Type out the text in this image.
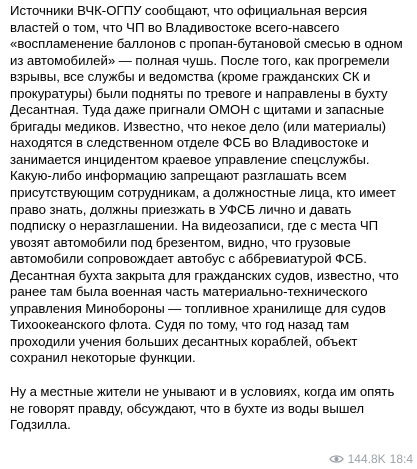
Источники ВЧК-ОГПУ сообщают, что официальная версия
властей о том, что ЧП во Владивостоке всего-навсего
«воспламенение баллонов с пропан-бутановой смесью в одном
из автомобилей» — полная чушь. После того, как прогремели
взрывы, все службы и ведомства (кроме гражданских СК и
прокуратуры) были подняты по тревоге и направлены в бухту
Десантная. Туда даже пригнали ОМОН с щитами и запасные
бригады медиков. Известно, что некое дело (или материалы)
находятся в следственном отделе ФСБ во Владивостоке и
занимается инцидентом краевое управление спецслужбы.
Какую-либо информацию запрещают разглашать всем
присутствующим сотрудникам, а должностные лица, кто имеет
право знать, должны приезжать в УФСБ лично и давать
подписку о неразглашении. На видеозаписи, где с места ЧП
увозят автомобили под брезентом, видно, что грузовые
автомобили сопровождает автобус с аббревиатурой ФСБ.
Десантная бухта закрыта для гражданских судов, известно, что
ранее там была военная часть материально-технического
управления Минобороны — топливное хранилище для судов
Тихоокеанского флота. Судя по тому, что год назад там
проходили учения больших десантных кораблей, объект
сохранил некоторые функции.
Ну а местные жители не унывают и в условиях, когда им опять
не говорят правду, обсуждают, что в бухте из воды вышел
Годзилла.
144.8K 18:4
